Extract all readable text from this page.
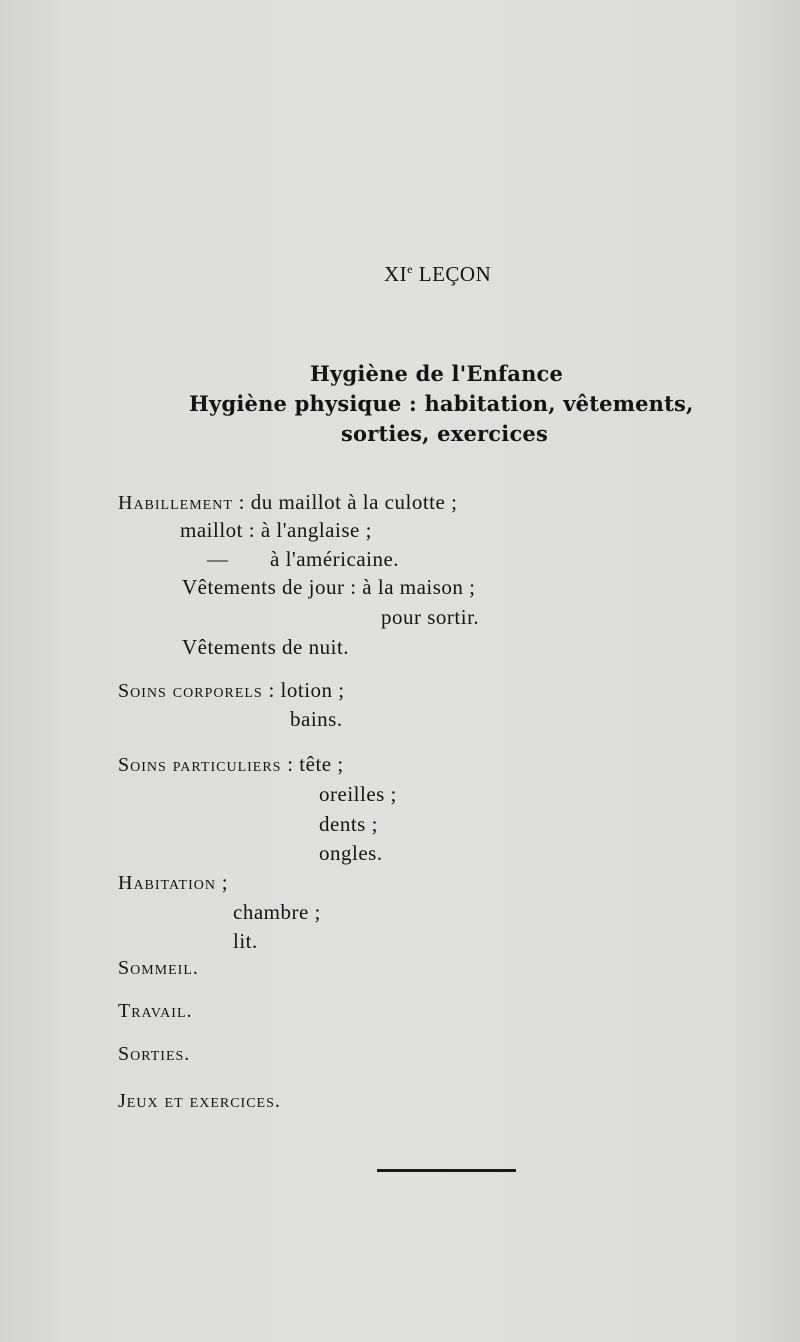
XIe LEÇON
Hygiène de l'Enfance
Hygiène physique : habitation, vêtements,
sorties, exercices
Habillement : du maillot à la culotte ;
maillot : à l'anglaise ;
— à l'américaine.
Vêtements de jour : à la maison ;
pour sortir.
Vêtements de nuit.
Soins corporels : lotion ;
bains.
Soins particuliers : tête ;
oreilles ;
dents ;
ongles.
Habitation ;
chambre ;
lit.
Sommeil.
Travail.
Sorties.
Jeux et exercices.
